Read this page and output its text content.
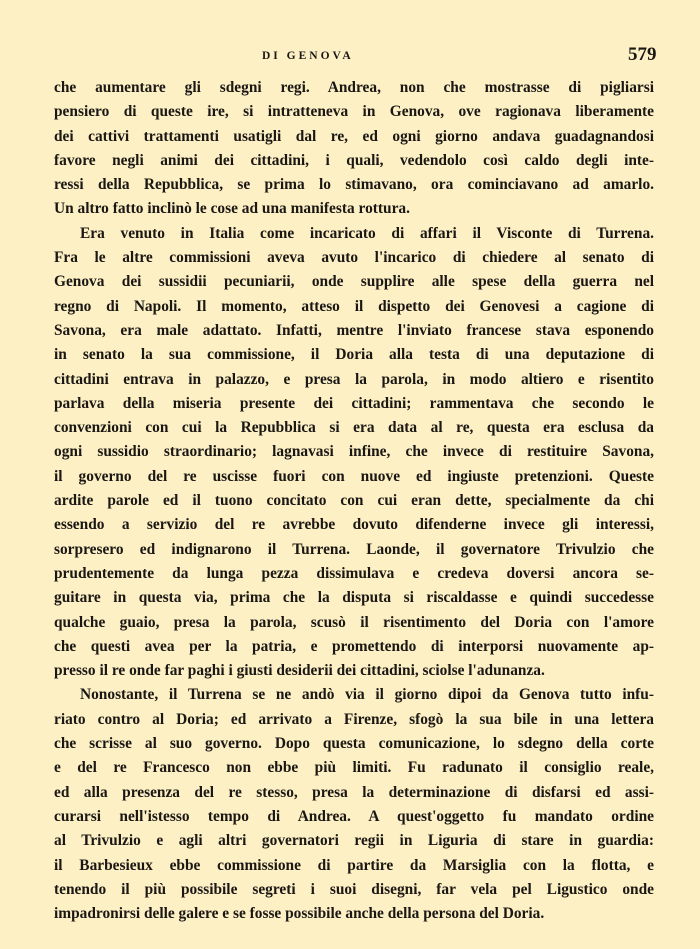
DI GENOVA	579
che aumentare gli sdegni regi. Andrea, non che mostrasse di pigliarsi
pensiero di queste ire, si intratteneva in Genova, ove ragionava liberamente
dei cattivi trattamenti usatigli dal re, ed ogni giorno andava guadagnandosi
favore negli animi dei cittadini, i quali, vedendolo così caldo degli inte-
ressi della Repubblica, se prima lo stimavano, ora cominciavano ad amarlo.
Un altro fatto inclinò le cose ad una manifesta rottura.
Era venuto in Italia come incaricato di affari il Visconte di Turrena.
Fra le altre commissioni aveva avuto l'incarico di chiedere al senato di
Genova dei sussidii pecuniarii, onde supplire alle spese della guerra nel
regno di Napoli. Il momento, atteso il dispetto dei Genovesi a cagione di
Savona, era male adattato. Infatti, mentre l'inviato francese stava esponendo
in senato la sua commissione, il Doria alla testa di una deputazione di
cittadini entrava in palazzo, e presa la parola, in modo altiero e risentito
parlava della miseria presente dei cittadini; rammentava che secondo le
convenzioni con cui la Repubblica si era data al re, questa era esclusa da
ogni sussidio straordinario; lagnavasi infine, che invece di restituire Savona,
il governo del re uscisse fuori con nuove ed ingiuste pretenzioni. Queste
ardite parole ed il tuono concitato con cui eran dette, specialmente da chi
essendo a servizio del re avrebbe dovuto difenderne invece gli interessi,
sorpresero ed indignarono il Turrena. Laonde, il governatore Trivulzio che
prudentemente da lunga pezza dissimulava e credeva doversi ancora se-
guitare in questa via, prima che la disputa si riscaldasse e quindi succedesse
qualche guaio, presa la parola, scusò il risentimento del Doria con l'amore
che questi avea per la patria, e promettendo di interporsi nuovamente ap-
presso il re onde far paghi i giusti desiderii dei cittadini, sciolse l'adunanza.
Nonostante, il Turrena se ne andò via il giorno dipoi da Genova tutto infu-
riato contro al Doria; ed arrivato a Firenze, sfogò la sua bile in una lettera
che scrisse al suo governo. Dopo questa comunicazione, lo sdegno della corte
e del re Francesco non ebbe più limiti. Fu radunato il consiglio reale,
ed alla presenza del re stesso, presa la determinazione di disfarsi ed assi-
curarsi nell'istesso tempo di Andrea. A quest'oggetto fu mandato ordine
al Trivulzio e agli altri governatori regii in Liguria di stare in guardia:
il Barbesieux ebbe commissione di partire da Marsiglia con la flotta, e
tenendo il più possibile segreti i suoi disegni, far vela pel Ligustico onde
impadronirsi delle galere e se fosse possibile anche della persona del Doria.
